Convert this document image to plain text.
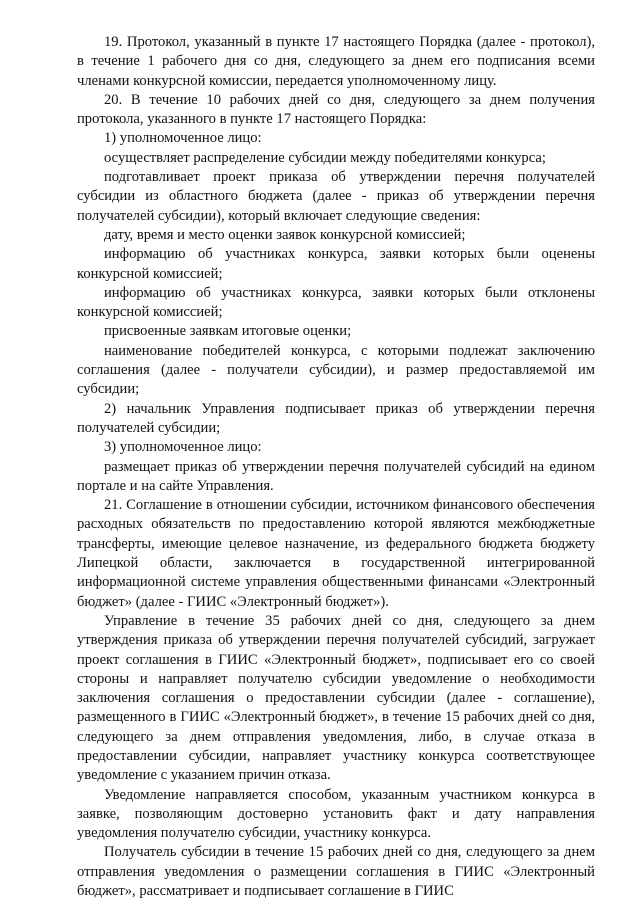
19. Протокол, указанный в пункте 17 настоящего Порядка (далее - протокол), в течение 1 рабочего дня со дня, следующего за днем его подписания всеми членами конкурсной комиссии, передается уполномоченному лицу.

20. В течение 10 рабочих дней со дня, следующего за днем получения протокола, указанного в пункте 17 настоящего Порядка:

1) уполномоченное лицо:

осуществляет распределение субсидии между победителями конкурса;

подготавливает проект приказа об утверждении перечня получателей субсидии из областного бюджета (далее - приказ об утверждении перечня получателей субсидии), который включает следующие сведения:

дату, время и место оценки заявок конкурсной комиссией;

информацию об участниках конкурса, заявки которых были оценены конкурсной комиссией;

информацию об участниках конкурса, заявки которых были отклонены конкурсной комиссией;

присвоенные заявкам итоговые оценки;

наименование победителей конкурса, с которыми подлежат заключению соглашения (далее - получатели субсидии), и размер предоставляемой им субсидии;

2) начальник Управления подписывает приказ об утверждении перечня получателей субсидии;

3) уполномоченное лицо:

размещает приказ об утверждении перечня получателей субсидий на едином портале и на сайте Управления.

21. Соглашение в отношении субсидии, источником финансового обеспечения расходных обязательств по предоставлению которой являются межбюджетные трансферты, имеющие целевое назначение, из федерального бюджета бюджету Липецкой области, заключается в государственной интегрированной информационной системе управления общественными финансами «Электронный бюджет» (далее - ГИИС «Электронный бюджет»).

Управление в течение 35 рабочих дней со дня, следующего за днем утверждения приказа об утверждении перечня получателей субсидий, загружает проект соглашения в ГИИС «Электронный бюджет», подписывает его со своей стороны и направляет получателю субсидии уведомление о необходимости заключения соглашения о предоставлении субсидии (далее - соглашение), размещенного в ГИИС «Электронный бюджет», в течение 15 рабочих дней со дня, следующего за днем отправления уведомления, либо, в случае отказа в предоставлении субсидии, направляет участнику конкурса соответствующее уведомление с указанием причин отказа.

Уведомление направляется способом, указанным участником конкурса в заявке, позволяющим достоверно установить факт и дату направления уведомления получателю субсидии, участнику конкурса.

Получатель субсидии в течение 15 рабочих дней со дня, следующего за днем отправления уведомления о размещении соглашения в ГИИС «Электронный бюджет», рассматривает и подписывает соглашение в ГИИС
